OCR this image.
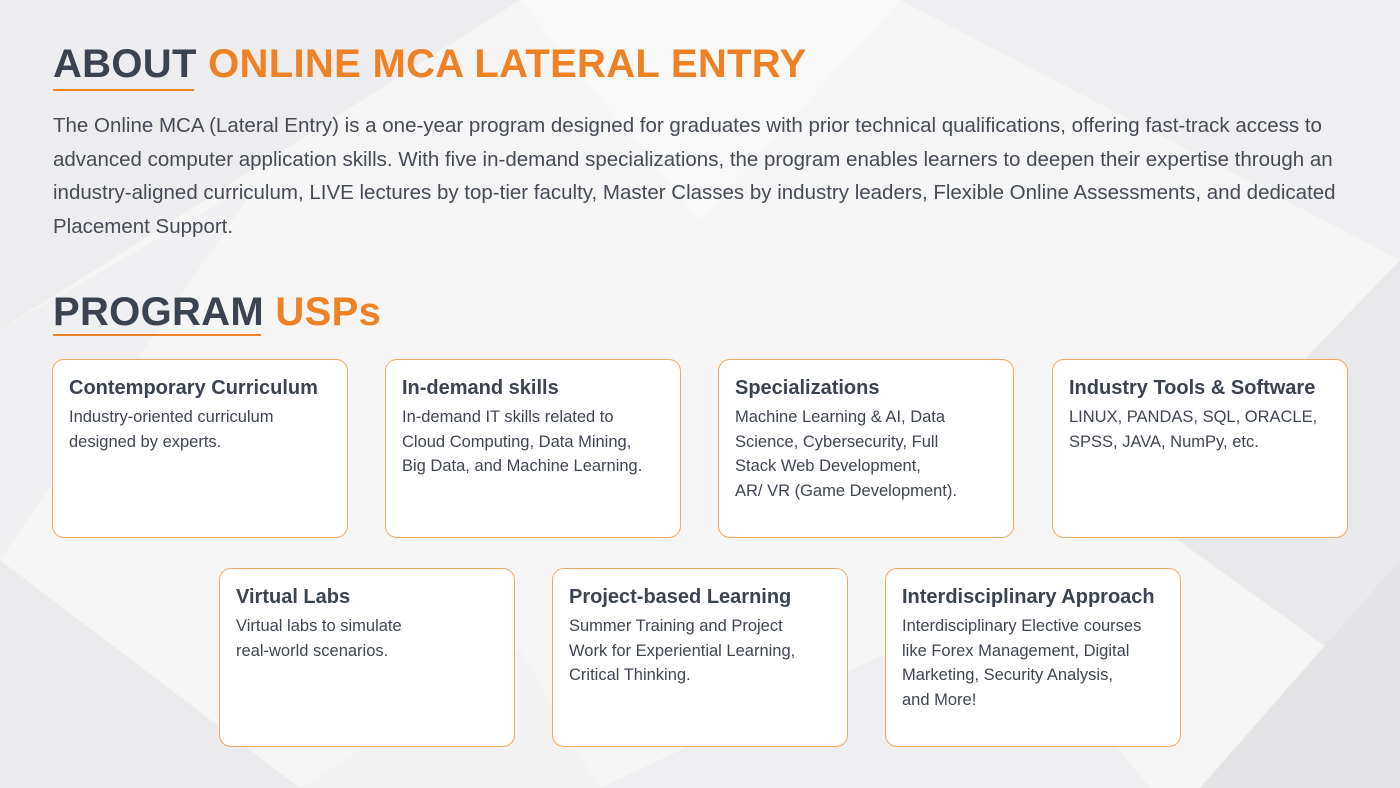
ABOUT ONLINE MCA LATERAL ENTRY

The Online MCA (Lateral Entry) is a one-year program designed for graduates with prior technical qualifications, offering fast-track access to advanced computer application skills. With five in-demand specializations, the program enables learners to deepen their expertise through an industry-aligned curriculum, LIVE lectures by top-tier faculty, Master Classes by industry leaders, Flexible Online Assessments, and dedicated Placement Support.

PROGRAM USPs
Contemporary Curriculum
Industry-oriented curriculum
designed by experts.
In-demand skills
In-demand IT skills related to
Cloud Computing, Data Mining,
Big Data, and Machine Learning.
Specializations
Machine Learning & AI, Data
Science, Cybersecurity, Full
Stack Web Development,
AR/ VR (Game Development).
Industry Tools & Software
LINUX, PANDAS, SQL, ORACLE,
SPSS, JAVA, NumPy, etc.
Virtual Labs
Virtual labs to simulate
real-world scenarios.
Project-based Learning
Summer Training and Project
Work for Experiential Learning,
Critical Thinking.
Interdisciplinary Approach
Interdisciplinary Elective courses
like Forex Management, Digital
Marketing, Security Analysis,
and More!
